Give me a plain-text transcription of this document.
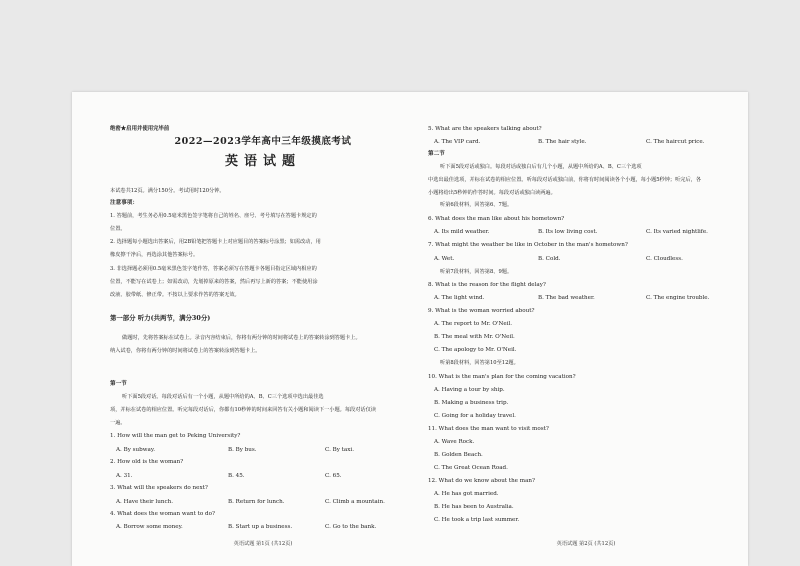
绝密★启用并使用完毕前
2022—2023学年高中三年级摸底考试
英语试题
本试卷共12页。满分150分。考试用时120分钟。
注意事项：
1. 答题前，考生务必用0.5毫米黑色签字笔将自己的姓名、座号、考号填写在答题卡规定的
位置。
2. 选择题每小题选出答案后，用2B铅笔把答题卡上对应题目的答案标号涂黑；如需改动，用
橡皮擦干净后，再选涂其他答案标号。
3. 非选择题必须用0.5毫米黑色签字笔作答，答案必须写在答题卡各题目指定区域内相应的
位置，不能写在试卷上；如需改动，先划掉原来的答案，然后再写上新的答案；不能使用涂
改液、胶带纸、修正带。不按以上要求作答的答案无效。
第一部分 听力(共两节，满分30分)
做题时，先将答案标在试卷上。录音内容结束后，你将有两分钟的时间将试卷上的答案转涂到答题卡上。
纳入试卷，你将有两分钟的时间将试卷上的答案转涂到答题卡上。
第一节
听下面5段对话。每段对话后有一个小题，从题中所给的A、B、C三个选项中选出最佳选
项，并标在试卷的相应位置。听完每段对话后，你都有10秒钟的时间来回答有关小题和阅读下一小题。每段对话仅读
一遍。
1. How will the man get to Peking University?
A. By subway.	B. By bus.	C. By taxi.
2. How old is the woman?
A. 31.	B. 45.	C. 65.
3. What will the speakers do next?
A. Have their lunch.	B. Return for lunch.	C. Climb a mountain.
4. What does the woman want to do?
A. Borrow some money.	B. Start up a business.	C. Go to the bank.
英语试题 第1页 (共12页)
5. What are the speakers talking about?
A. The VIP card.	B. The hair style.	C. The haircut price.
第二节
听下面5段对话或独白。每段对话或独白后有几个小题，从题中所给的A、B、C三个选项
中选出最佳选项，并标在试卷的相应位置。听每段对话或独白前，你将有时间阅读各个小题，每小题5秒钟；听完后，各
小题将给出5秒钟的作答时间。每段对话或独白读两遍。
听第6段材料，回答第6、7题。
6. What does the man like about his hometown?
A. Its mild weather.	B. Its low living cost.	C. Its varied nightlife.
7. What might the weather be like in October in the man's hometown?
A. Wet.	B. Cold.	C. Cloudless.
听第7段材料，回答第8、9题。
8. What is the reason for the flight delay?
A. The light wind.	B. The bad weather.	C. The engine trouble.
9. What is the woman worried about?
A. The report to Mr. O'Neil.
B. The meal with Mr. O'Neil.
C. The apology to Mr. O'Neil.
听第8段材料，回答第10至12题。
10. What is the man's plan for the coming vacation?
A. Having a tour by ship.
B. Making a business trip.
C. Going for a holiday travel.
11. What does the man want to visit most?
A. Wave Rock.
B. Golden Beach.
C. The Great Ocean Road.
12. What do we know about the man?
A. He has got married.
B. He has been to Australia.
C. He took a trip last summer.
英语试题 第2页 (共12页)
